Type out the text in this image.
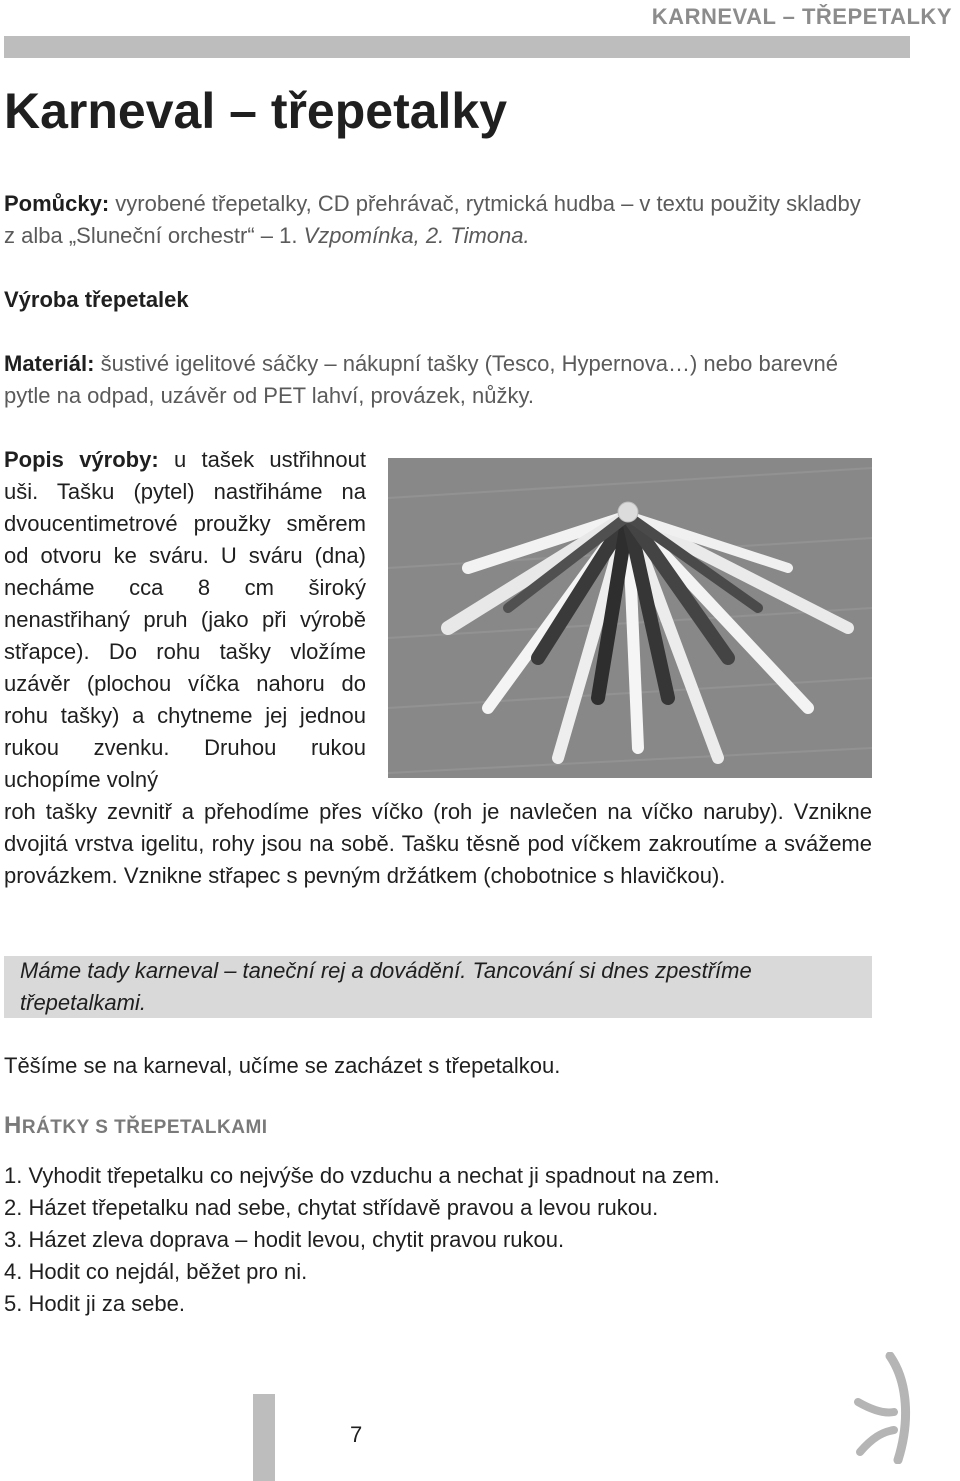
KARNEVAL – TŘEPETALKY
Karneval – třepetalky
Pomůcky: vyrobené třepetalky, CD přehrávač, rytmická hudba – v textu použity skladby z alba „Sluneční orchestr“ – 1. Vzpomínka, 2. Timona.
Výroba třepetalek
Materiál: šustivé igelitové sáčky – nákupní tašky (Tesco, Hypernova…) nebo barevné pytle na odpad, uzávěr od PET lahví, provázek, nůžky.
Popis výroby: u tašek ustřihnout uši. Tašku (pytel) nastřiháme na dvoucentimetrové proužky směrem od otvoru ke sváru. U sváru (dna) necháme cca 8 cm široký nenastřihaný pruh (jako při výrobě střapce). Do rohu tašky vložíme uzávěr (plochou víčka nahoru do rohu tašky) a chytneme jej jednou rukou zvenku. Druhou rukou uchopíme volný
roh tašky zevnitř a přehodíme přes víčko (roh je navlečen na víčko naruby). Vznikne dvojitá vrstva igelitu, rohy jsou na sobě. Tašku těsně pod víčkem zakroutíme a svážeme provázkem. Vznikne střapec s pevným držátkem (chobotnice s hlavičkou).
Máme tady karneval – taneční rej a dovádění. Tancování si dnes zpestříme třepetalkami.
Těšíme se na karneval, učíme se zacházet s třepetalkou.
HRÁTKY S TŘEPETALKAMI
1. Vyhodit třepetalku co nejvýše do vzduchu a nechat ji spadnout na zem.
2. Házet třepetalku nad sebe, chytat střídavě pravou a levou rukou.
3. Házet zleva doprava – hodit levou, chytit pravou rukou.
4. Hodit co nejdál, běžet pro ni.
5. Hodit ji za sebe.
7
